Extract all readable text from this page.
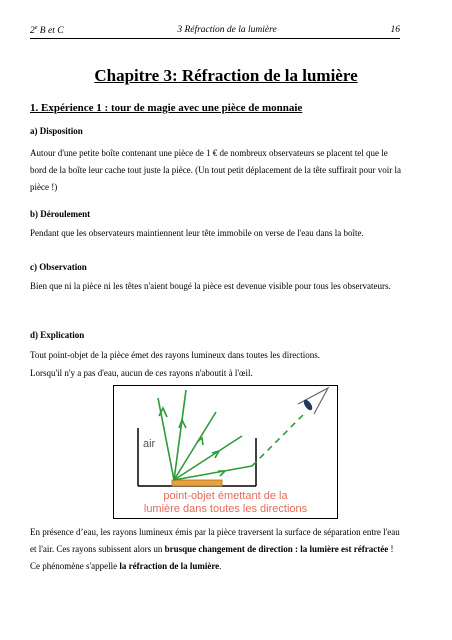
2e B et C	3 Réfraction de la lumière	16
Chapitre 3: Réfraction de la lumière
1. Expérience 1 : tour de magie avec une pièce de monnaie
a) Disposition
Autour d'une petite boîte contenant une pièce de 1 € de nombreux observateurs se placent tel que le bord de la boîte leur cache tout juste la pièce. (Un tout petit déplacement de la tête suffirait pour voir la pièce !)
b) Déroulement
Pendant que les observateurs maintiennent leur tête immobile on verse de l'eau dans la boîte.
c) Observation
Bien que ni la pièce ni les têtes n'aient bougé la pièce est devenue visible pour tous les observateurs.
d) Explication
Tout point-objet de la pièce émet des rayons lumineux dans toutes les directions.
Lorsqu'il n'y a pas d'eau, aucun de ces rayons n'aboutit à l'œil.
air
point-objet émettant de la
lumière dans toutes les directions
En présence d’eau, les rayons lumineux émis par la pièce traversent la surface de séparation entre l'eau et l'air. Ces rayons subissent alors un brusque changement de direction : la lumière est réfractée ! Ce phénomène s'appelle la réfraction de la lumière.
